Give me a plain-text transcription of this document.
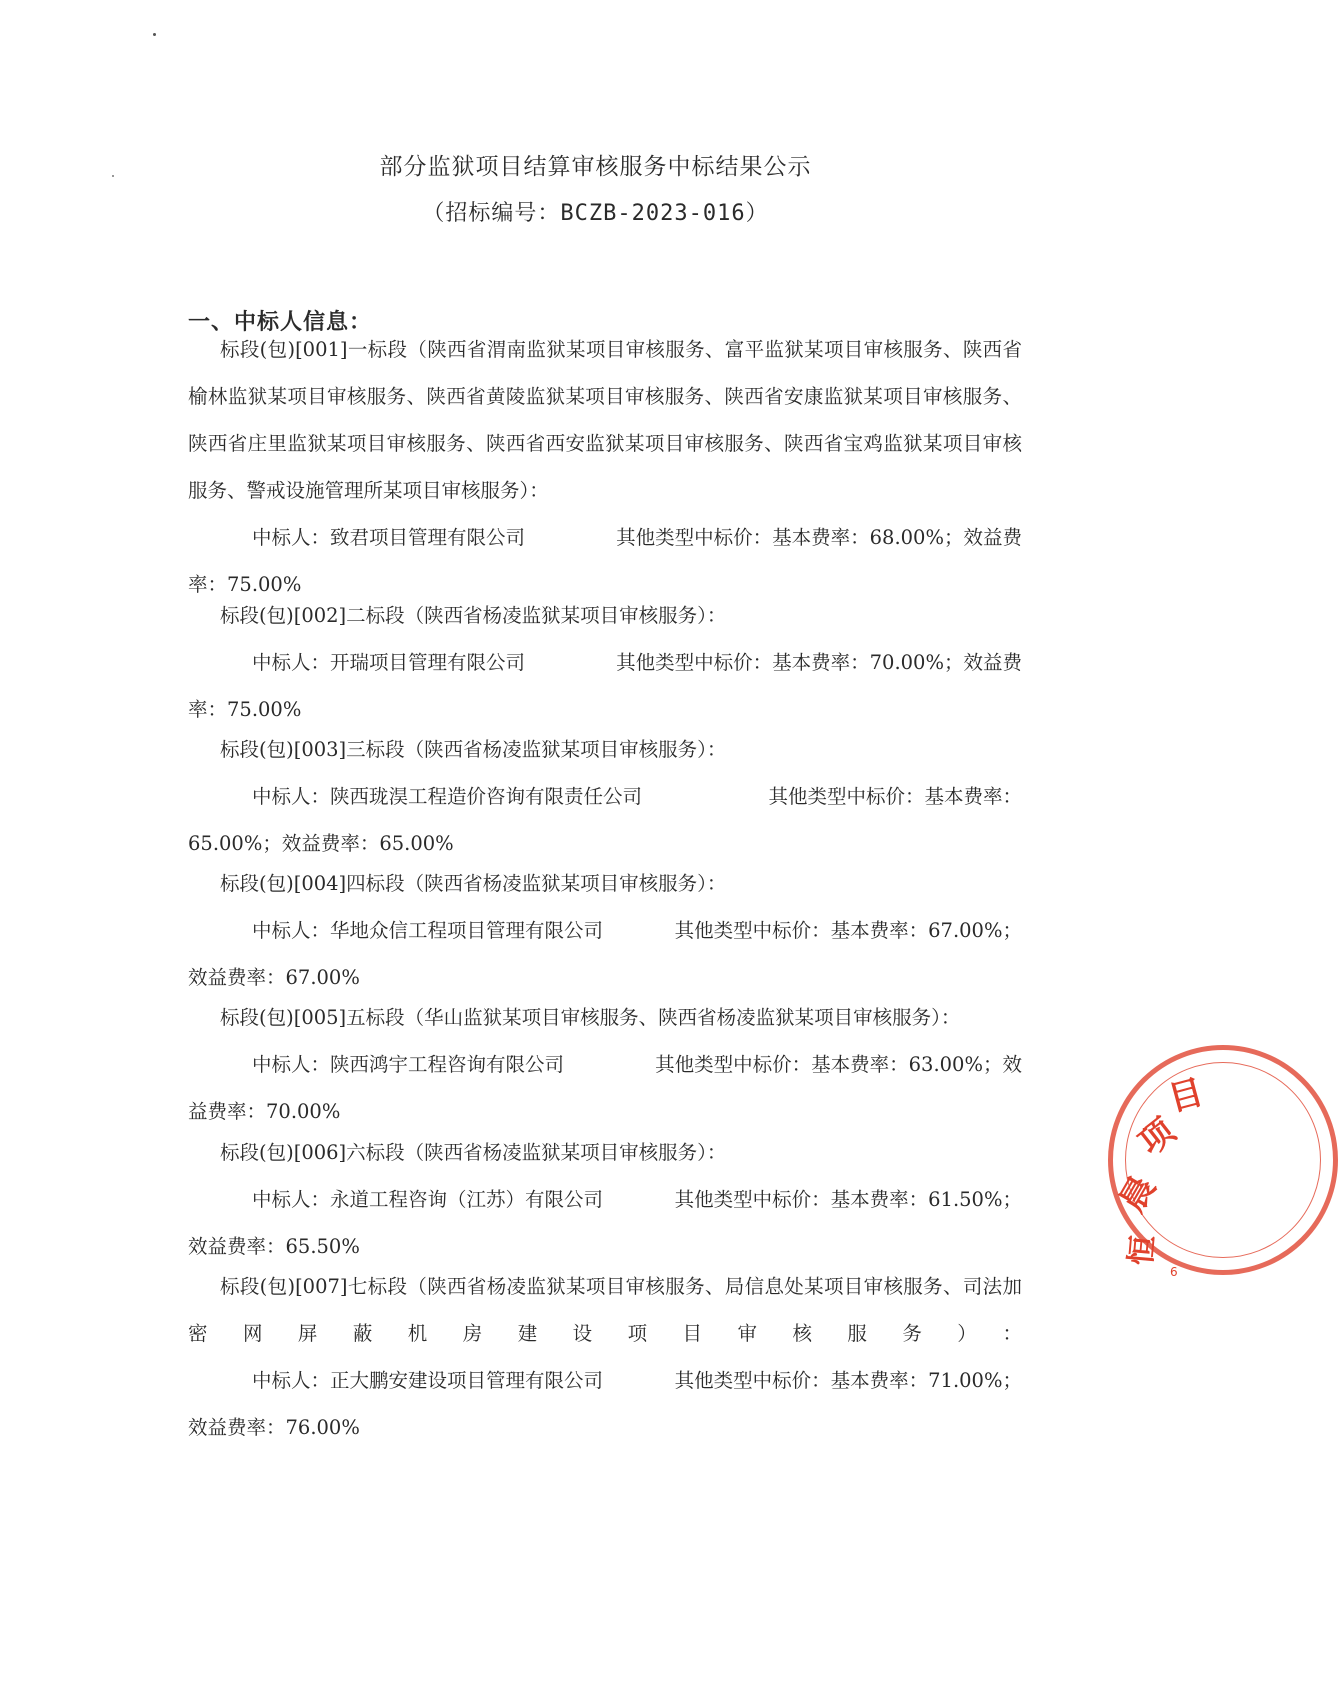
部分监狱项目结算审核服务中标结果公示
（招标编号：BCZB-2023-016）
一、中标人信息：

标段(包)[001]一标段（陕西省渭南监狱某项目审核服务、富平监狱某项目审核服务、陕西省榆林监狱某项目审核服务、陕西省黄陵监狱某项目审核服务、陕西省安康监狱某项目审核服务、陕西省庄里监狱某项目审核服务、陕西省西安监狱某项目审核服务、陕西省宝鸡监狱某项目审核服务、警戒设施管理所某项目审核服务）：

中标人：致君项目管理有限公司	其他类型中标价：基本费率：68.00%；效益费
率：75.00%

标段(包)[002]二标段（陕西省杨凌监狱某项目审核服务）：

中标人：开瑞项目管理有限公司	其他类型中标价：基本费率：70.00%；效益费
率：75.00%

标段(包)[003]三标段（陕西省杨凌监狱某项目审核服务）：

中标人：陕西珑淏工程造价咨询有限责任公司	其他类型中标价：基本费率：
65.00%；效益费率：65.00%

标段(包)[004]四标段（陕西省杨凌监狱某项目审核服务）：

中标人：华地众信工程项目管理有限公司	其他类型中标价：基本费率：67.00%；
效益费率：67.00%

标段(包)[005]五标段（华山监狱某项目审核服务、陕西省杨凌监狱某项目审核服务）：

中标人：陕西鸿宇工程咨询有限公司	其他类型中标价：基本费率：63.00%；效
益费率：70.00%

标段(包)[006]六标段（陕西省杨凌监狱某项目审核服务）：

中标人：永道工程咨询（江苏）有限公司	其他类型中标价：基本费率：61.50%；
效益费率：65.50%

标段(包)[007]七标段（陕西省杨凌监狱某项目审核服务、局信息处某项目审核服务、司法加密网屏蔽机房建设项目审核服务）：

中标人：正大鹏安建设项目管理有限公司	其他类型中标价：基本费率：71.00%；
效益费率：76.00%
恒
晨
项
目
6
